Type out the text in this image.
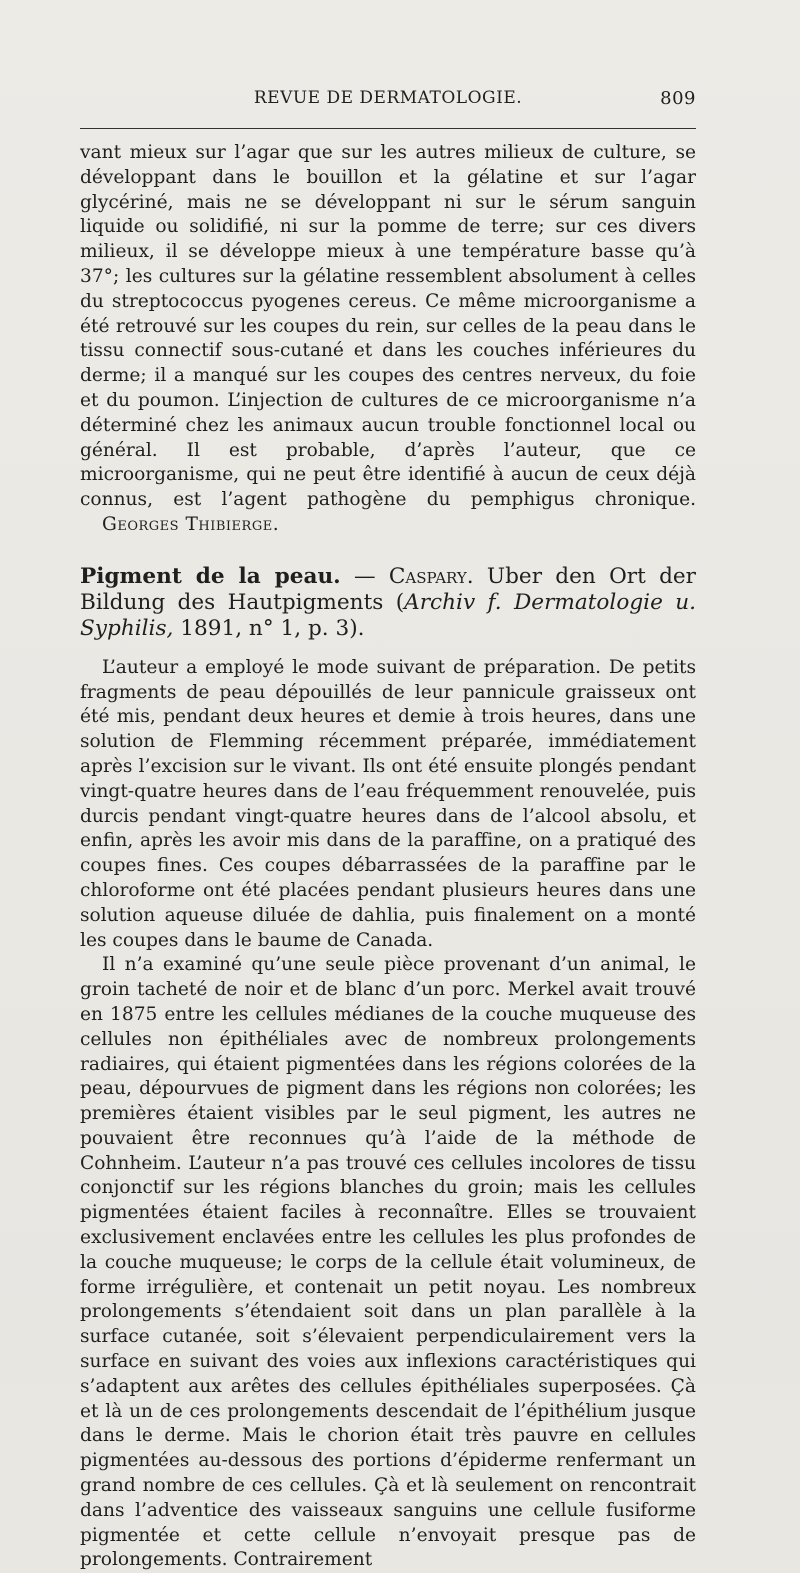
REVUE DE DERMATOLOGIE.	809

vant mieux sur l’agar que sur les autres milieux de culture, se développant dans le bouillon et la gélatine et sur l’agar glycériné, mais ne se développant ni sur le sérum sanguin liquide ou solidifié, ni sur la pomme de terre; sur ces divers milieux, il se développe mieux à une température basse qu’à 37°; les cultures sur la gélatine ressemblent absolument à celles du streptococcus pyogenes cereus. Ce même microorganisme a été retrouvé sur les coupes du rein, sur celles de la peau dans le tissu connectif sous-cutané et dans les couches inférieures du derme; il a manqué sur les coupes des centres nerveux, du foie et du poumon. L’injection de cultures de ce microorganisme n’a déterminé chez les animaux aucun trouble fonctionnel local ou général. Il est probable, d’après l’auteur, que ce microorganisme, qui ne peut être identifié à aucun de ceux déjà connus, est l’agent pathogène du pemphigus chronique. Georges Thibierge.

Pigment de la peau. — Caspary. Uber den Ort der Bildung des Hautpigments (Archiv f. Dermatologie u. Syphilis, 1891, n° 1, p. 3).

L’auteur a employé le mode suivant de préparation. De petits fragments de peau dépouillés de leur pannicule graisseux ont été mis, pendant deux heures et demie à trois heures, dans une solution de Flemming récemment préparée, immédiatement après l’excision sur le vivant. Ils ont été ensuite plongés pendant vingt-quatre heures dans de l’eau fréquemment renouvelée, puis durcis pendant vingt-quatre heures dans de l’alcool absolu, et enfin, après les avoir mis dans de la paraffine, on a pratiqué des coupes fines. Ces coupes débarrassées de la paraffine par le chloroforme ont été placées pendant plusieurs heures dans une solution aqueuse diluée de dahlia, puis finalement on a monté les coupes dans le baume de Canada.

Il n’a examiné qu’une seule pièce provenant d’un animal, le groin tacheté de noir et de blanc d’un porc. Merkel avait trouvé en 1875 entre les cellules médianes de la couche muqueuse des cellules non épithéliales avec de nombreux prolongements radiaires, qui étaient pigmentées dans les régions colorées de la peau, dépourvues de pigment dans les régions non colorées; les premières étaient visibles par le seul pigment, les autres ne pouvaient être reconnues qu’à l’aide de la méthode de Cohnheim. L’auteur n’a pas trouvé ces cellules incolores de tissu conjonctif sur les régions blanches du groin; mais les cellules pigmentées étaient faciles à reconnaître. Elles se trouvaient exclusivement enclavées entre les cellules les plus profondes de la couche muqueuse; le corps de la cellule était volumineux, de forme irrégulière, et contenait un petit noyau. Les nombreux prolongements s’étendaient soit dans un plan parallèle à la surface cutanée, soit s’élevaient perpendiculairement vers la surface en suivant des voies aux inflexions caractéristiques qui s’adaptent aux arêtes des cellules épithéliales superposées. Çà et là un de ces prolongements descendait de l’épithélium jusque dans le derme. Mais le chorion était très pauvre en cellules pigmentées au-dessous des portions d’épiderme renfermant un grand nombre de ces cellules. Çà et là seulement on rencontrait dans l’adventice des vaisseaux sanguins une cellule fusiforme pigmentée et cette cellule n’envoyait presque pas de prolongements. Contrairement
